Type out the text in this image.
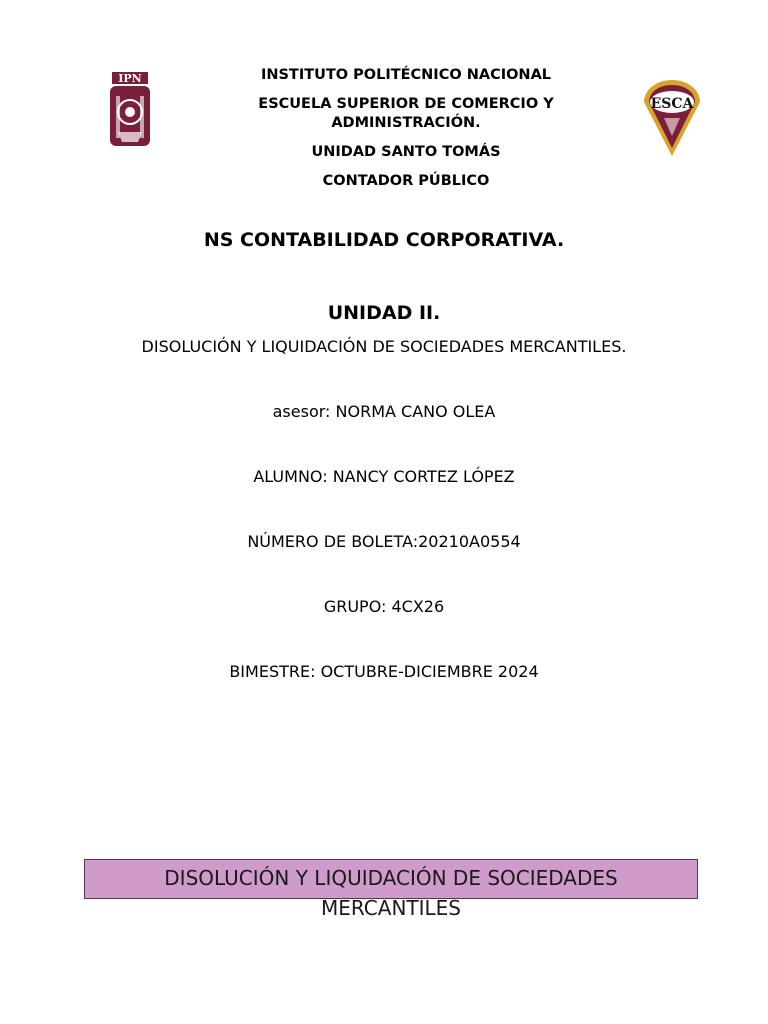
IPN
ESCA

INSTITUTO POLITÉCNICO NACIONAL

ESCUELA SUPERIOR DE COMERCIO Y ADMINISTRACIÓN.

UNIDAD SANTO TOMÁS

CONTADOR PÚBLICO

NS CONTABILIDAD CORPORATIVA.
UNIDAD II.
DISOLUCIÓN Y LIQUIDACIÓN DE SOCIEDADES MERCANTILES.
asesor: NORMA CANO OLEA
ALUMNO: NANCY CORTEZ LÓPEZ
NÚMERO DE BOLETA:20210A0554
GRUPO: 4CX26
BIMESTRE: OCTUBRE-DICIEMBRE 2024
DISOLUCIÓN Y LIQUIDACIÓN DE SOCIEDADES MERCANTILES
